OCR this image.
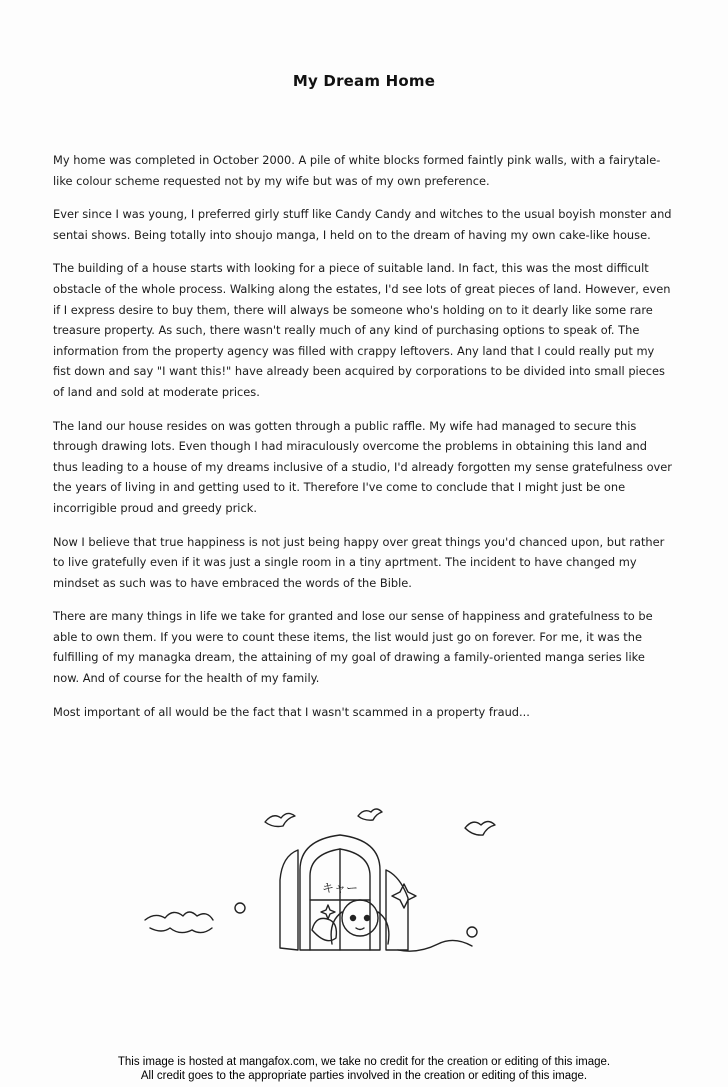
My Dream Home

My home was completed in October 2000. A pile of white blocks formed faintly pink walls, with a fairytale-like colour scheme requested not by my wife but was of my own preference.

Ever since I was young, I preferred girly stuff like Candy Candy and witches to the usual boyish monster and sentai shows. Being totally into shoujo manga, I held on to the dream of having my own cake-like house.

The building of a house starts with looking for a piece of suitable land. In fact, this was the most difficult obstacle of the whole process. Walking along the estates, I'd see lots of great pieces of land. However, even if I express desire to buy them, there will always be someone who's holding on to it dearly like some rare treasure property. As such, there wasn't really much of any kind of purchasing options to speak of. The information from the property agency was filled with crappy leftovers. Any land that I could really put my fist down and say "I want this!" have already been acquired by corporations to be divided into small pieces of land and sold at moderate prices.

The land our house resides on was gotten through a public raffle. My wife had managed to secure this through drawing lots. Even though I had miraculously overcome the problems in obtaining this land and thus leading to a house of my dreams inclusive of a studio, I'd already forgotten my sense gratefulness over the years of living in and getting used to it. Therefore I've come to conclude that I might just be one incorrigible proud and greedy prick.

Now I believe that true happiness is not just being happy over great things you'd chanced upon, but rather to live gratefully even if it was just a single room in a tiny aprtment. The incident to have changed my mindset as such was to have embraced the words of the Bible.

There are many things in life we take for granted and lose our sense of happiness and gratefulness to be able to own them. If you were to count these items, the list would just go on forever. For me, it was the fulfilling of my managka dream, the attaining of my goal of drawing a family-oriented manga series like now. And of course for the health of my family.

Most important of all would be the fact that I wasn't scammed in a property fraud...

キャー
This image is hosted at mangafox.com, we take no credit for the creation or editing of this image.
All credit goes to the appropriate parties involved in the creation or editing of this image.
